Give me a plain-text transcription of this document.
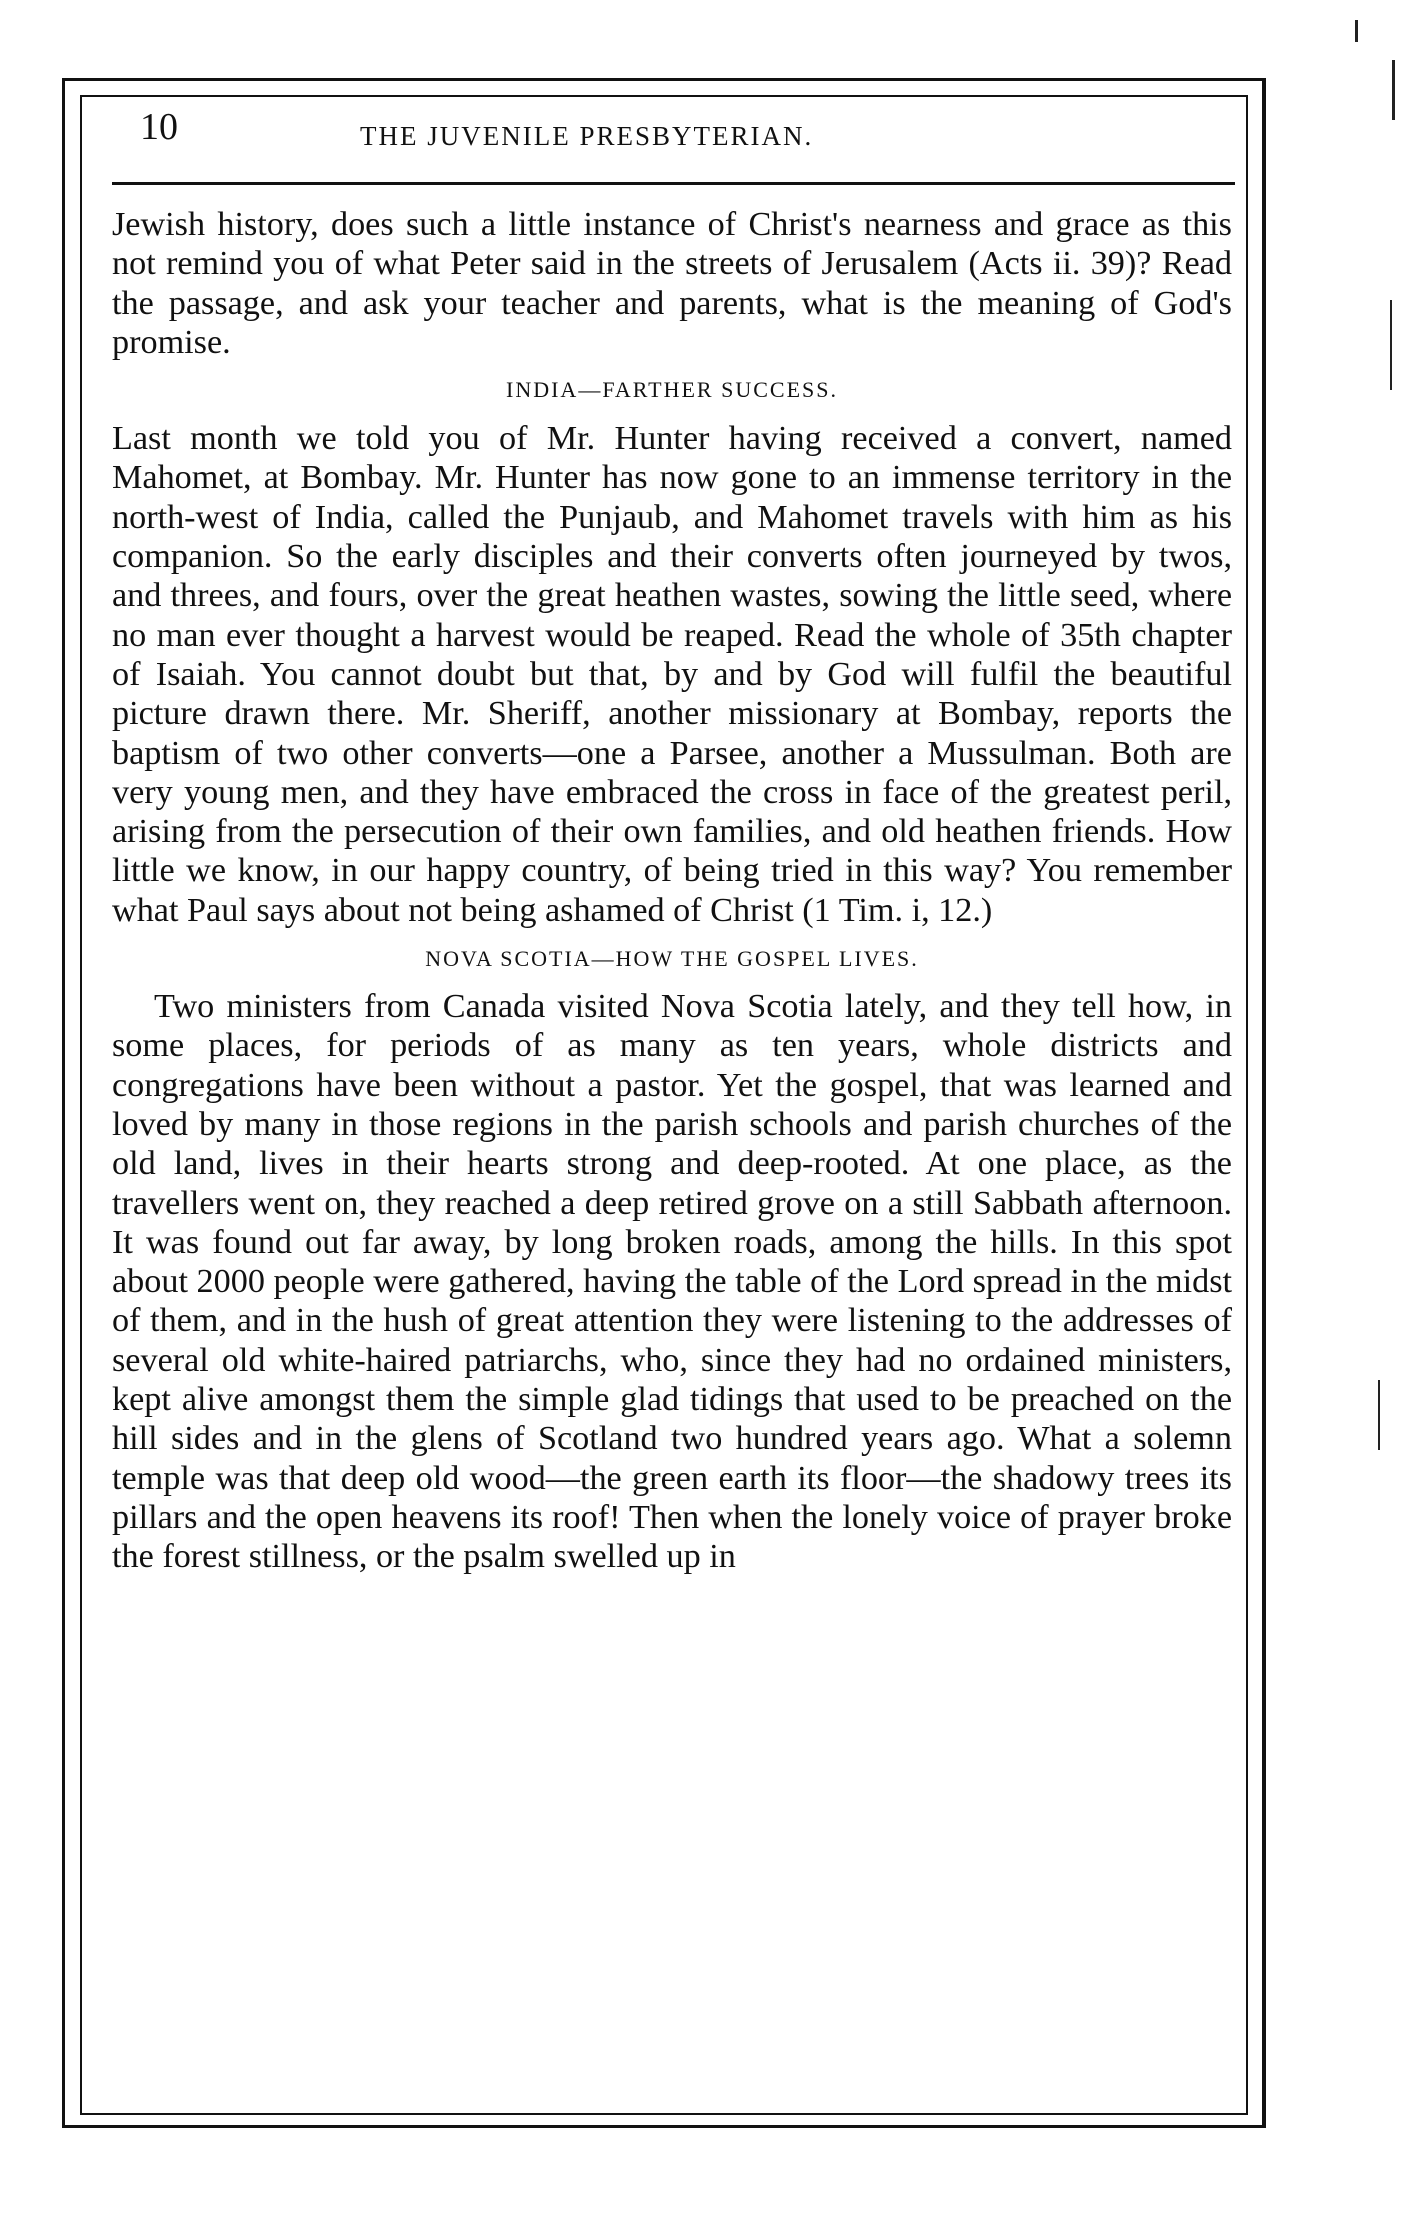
10	THE JUVENILE PRESBYTERIAN.

Jewish history, does such a little instance of Christ's nearness and grace as this not remind you of what Peter said in the streets of Jerusalem (Acts ii. 39)? Read the passage, and ask your teacher and parents, what is the meaning of God's promise.

INDIA—FARTHER SUCCESS.

Last month we told you of Mr. Hunter having received a convert, named Mahomet, at Bombay. Mr. Hunter has now gone to an immense territory in the north-west of India, called the Punjaub, and Mahomet travels with him as his companion. So the early disciples and their converts often journeyed by twos, and threes, and fours, over the great heathen wastes, sowing the little seed, where no man ever thought a harvest would be reaped. Read the whole of 35th chapter of Isaiah. You cannot doubt but that, by and by God will fulfil the beautiful picture drawn there. Mr. Sheriff, another missionary at Bombay, reports the baptism of two other converts—one a Parsee, another a Mussulman. Both are very young men, and they have embraced the cross in face of the greatest peril, arising from the persecution of their own families, and old heathen friends. How little we know, in our happy country, of being tried in this way? You remember what Paul says about not being ashamed of Christ (1 Tim. i, 12.)

NOVA SCOTIA—HOW THE GOSPEL LIVES.

Two ministers from Canada visited Nova Scotia lately, and they tell how, in some places, for periods of as many as ten years, whole districts and congregations have been without a pastor. Yet the gospel, that was learned and loved by many in those regions in the parish schools and parish churches of the old land, lives in their hearts strong and deep-rooted. At one place, as the travellers went on, they reached a deep retired grove on a still Sabbath afternoon. It was found out far away, by long broken roads, among the hills. In this spot about 2000 people were gathered, having the table of the Lord spread in the midst of them, and in the hush of great attention they were listening to the addresses of several old white-haired patriarchs, who, since they had no ordained ministers, kept alive amongst them the simple glad tidings that used to be preached on the hill sides and in the glens of Scotland two hundred years ago. What a solemn temple was that deep old wood—the green earth its floor—the shadowy trees its pillars and the open heavens its roof! Then when the lonely voice of prayer broke the forest stillness, or the psalm swelled up in
